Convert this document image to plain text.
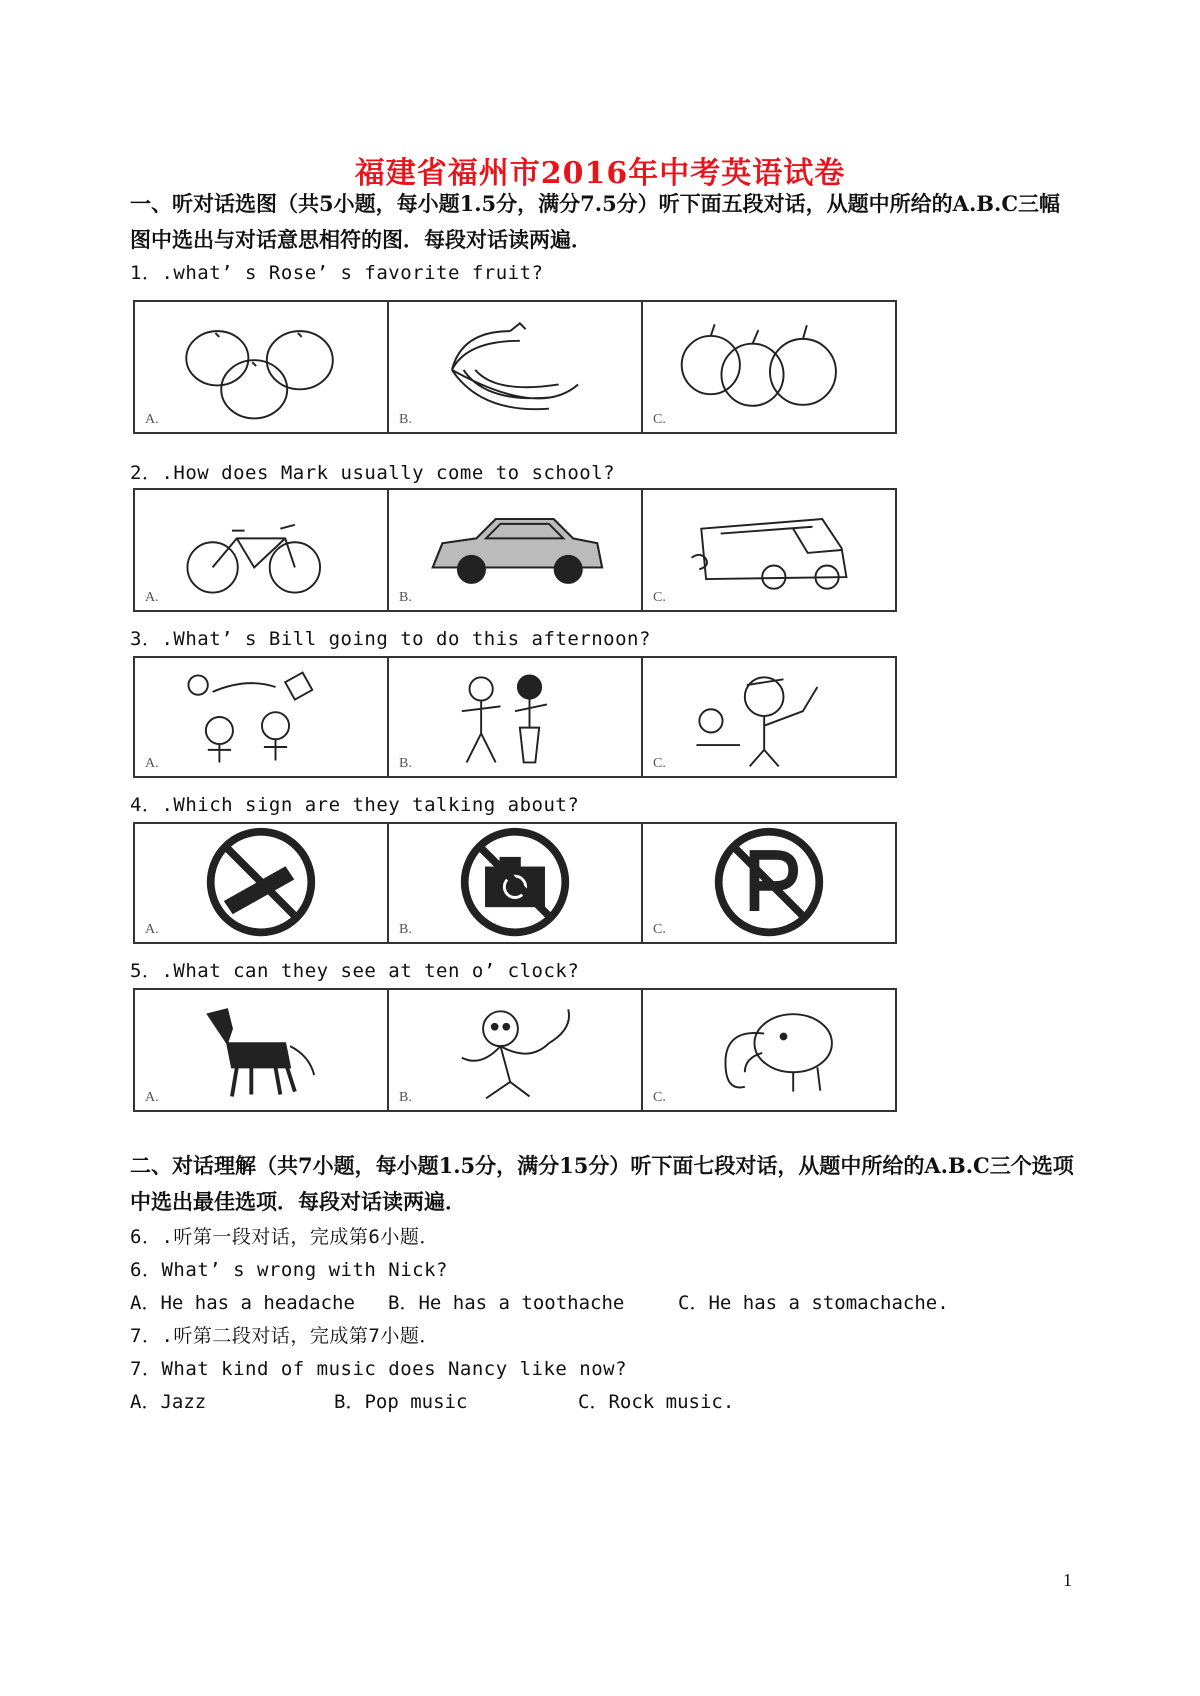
福建省福州市2016年中考英语试卷
一、听对话选图（共5小题，每小题1.5分，满分7.5分）听下面五段对话，从题中所给的A.B.C三幅图中选出与对话意思相符的图．每段对话读两遍．
1．.what’ s Rose’ s favorite fruit?
A.	B.	C.
2．.How does Mark usually come to school?
A.	B.	C.
3．.What’ s Bill going to do this afternoon?
A.	B.	C.
4．.Which sign are they talking about?
A.	B.	C.
5．.What can they see at ten o’ clock?
A.	B.	C.
二、对话理解（共7小题，每小题1.5分，满分15分）听下面七段对话，从题中所给的A.B.C三个选项中选出最佳选项．每段对话读两遍．
6．.听第一段对话，完成第6小题．
6．What’ s wrong with Nick?
A．He has a headache B．He has a toothache	C．He has a stomachache.
7．.听第二段对话，完成第7小题．
7．What kind of music does Nancy like now?
A．Jazz	B．Pop music	C．Rock music.
1
